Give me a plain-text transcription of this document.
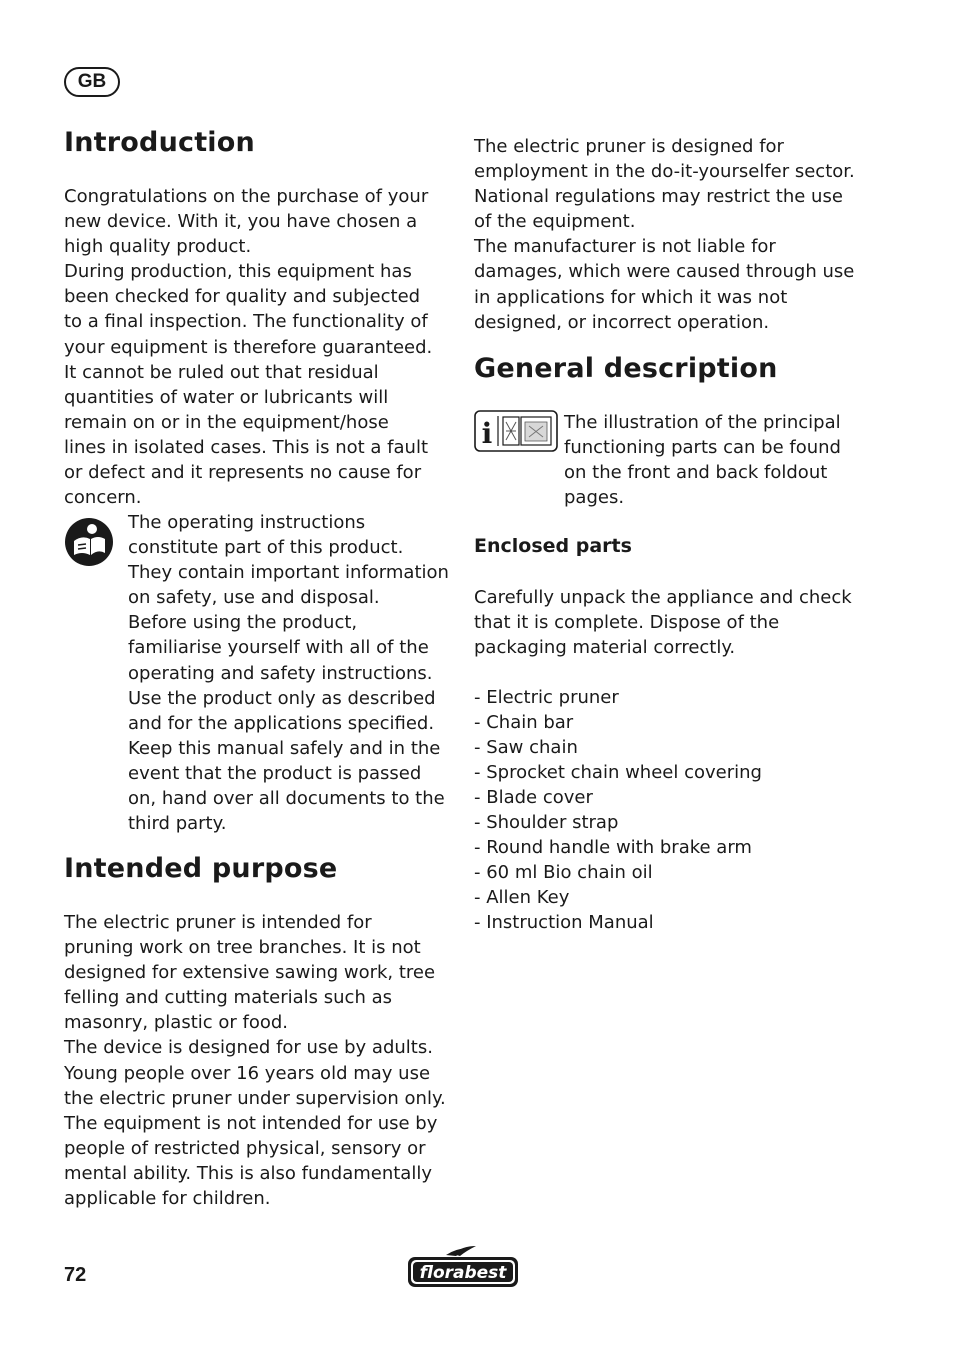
GB
Introduction

Congratulations on the purchase of your new device. With it, you have chosen a high quality product.

During production, this equipment has been checked for quality and subjected to a final inspection. The functionality of your equipment is therefore guaranteed. It cannot be ruled out that residual quantities of water or lubricants will remain on or in the equipment/hose lines in isolated cases. This is not a fault or defect and it represents no cause for concern.

The operating instructions constitute part of this product. They contain important information on safety, use and disposal.

Before using the product, familiarise yourself with all of the operating and safety instructions. Use the product only as described and for the applications specified.

Keep this manual safely and in the event that the product is passed on, hand over all documents to the third party.

Intended purpose

The electric pruner is intended for pruning work on tree branches. It is not designed for extensive sawing work, tree felling and cutting materials such as masonry, plastic or food.

The device is designed for use by adults. Young people over 16 years old may use the electric pruner under supervision only.

The equipment is not intended for use by people of restricted physical, sensory or mental ability. This is also fundamentally applicable for children.

The electric pruner is designed for employment in the do-it-yourselfer sector.

National regulations may restrict the use of the equipment.

The manufacturer is not liable for damages, which were caused through use in applications for which it was not designed, or incorrect operation.

General description
i	The illustration of the principal functioning parts can be found on the front and back foldout pages.
Enclosed parts
Carefully unpack the appliance and check that it is complete. Dispose of the packaging material correctly.
- Electric pruner
- Chain bar
- Saw chain
- Sprocket chain wheel covering
- Blade cover
- Shoulder strap
- Round handle with brake arm
- 60 ml Bio chain oil
- Allen Key
- Instruction Manual
72	florabest
